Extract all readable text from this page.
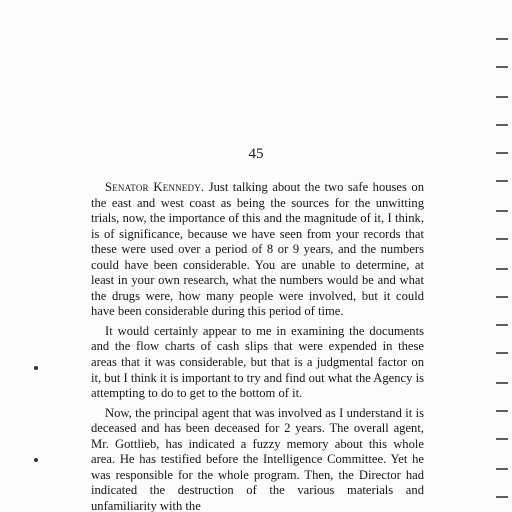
45

Senator Kennedy. Just talking about the two safe houses on the east and west coast as being the sources for the unwitting trials, now, the importance of this and the magnitude of it, I think, is of significance, because we have seen from your records that these were used over a period of 8 or 9 years, and the numbers could have been considerable. You are unable to determine, at least in your own research, what the numbers would be and what the drugs were, how many people were involved, but it could have been considerable during this period of time.

It would certainly appear to me in examining the documents and the flow charts of cash slips that were expended in these areas that it was considerable, but that is a judgmental factor on it, but I think it is important to try and find out what the Agency is attempting to do to get to the bottom of it.

Now, the principal agent that was involved as I understand it is deceased and has been deceased for 2 years. The overall agent, Mr. Gottlieb, has indicated a fuzzy memory about this whole area. He has testified before the Intelligence Committee. Yet he was responsible for the whole program. Then, the Director had indicated the destruction of the various materials and unfamiliarity with the
